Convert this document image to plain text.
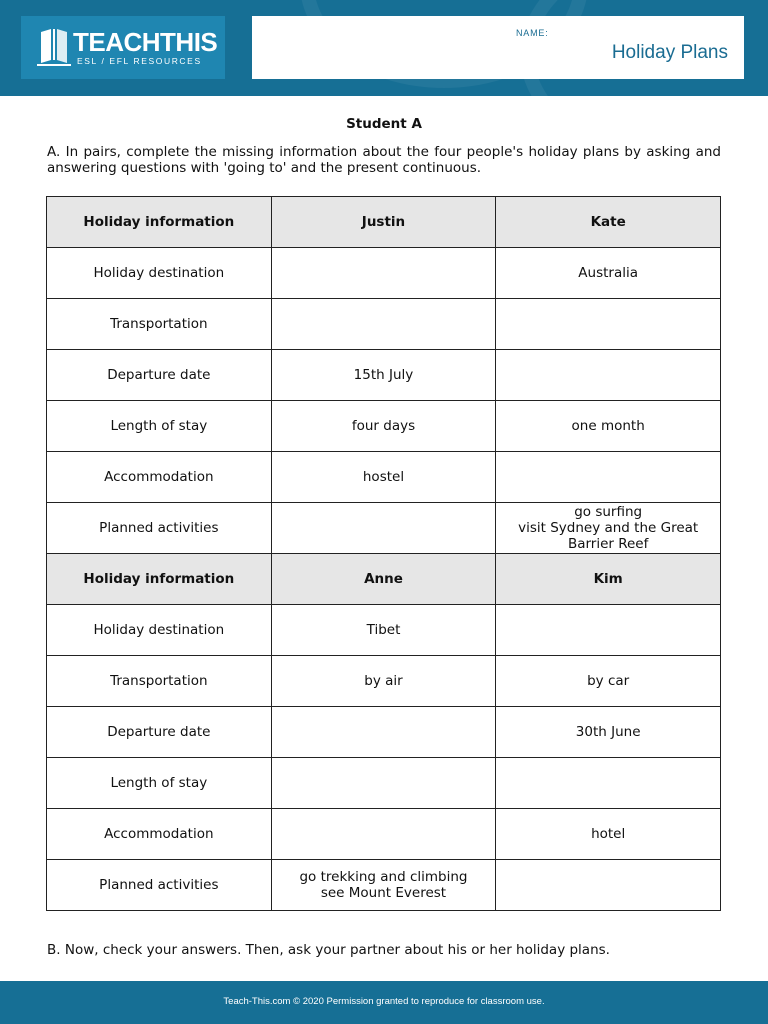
TEACHTHIS
ESL / EFL RESOURCES
NAME:
Holiday Plans
Student A
A. In pairs, complete the missing information about the four people's holiday plans by asking and answering questions with 'going to' and the present continuous.
Holiday information	Justin	Kate
Holiday destination		Australia
Transportation		
Departure date	15th July	
Length of stay	four days	one month
Accommodation	hostel	
Planned activities		go surfing
visit Sydney and the Great Barrier Reef
Holiday information	Anne	Kim
Holiday destination	Tibet	
Transportation	by air	by car
Departure date		30th June
Length of stay		
Accommodation		hotel
Planned activities	go trekking and climbing
see Mount Everest	
B. Now, check your answers. Then, ask your partner about his or her holiday plans.
Teach-This.com © 2020 Permission granted to reproduce for classroom use.
